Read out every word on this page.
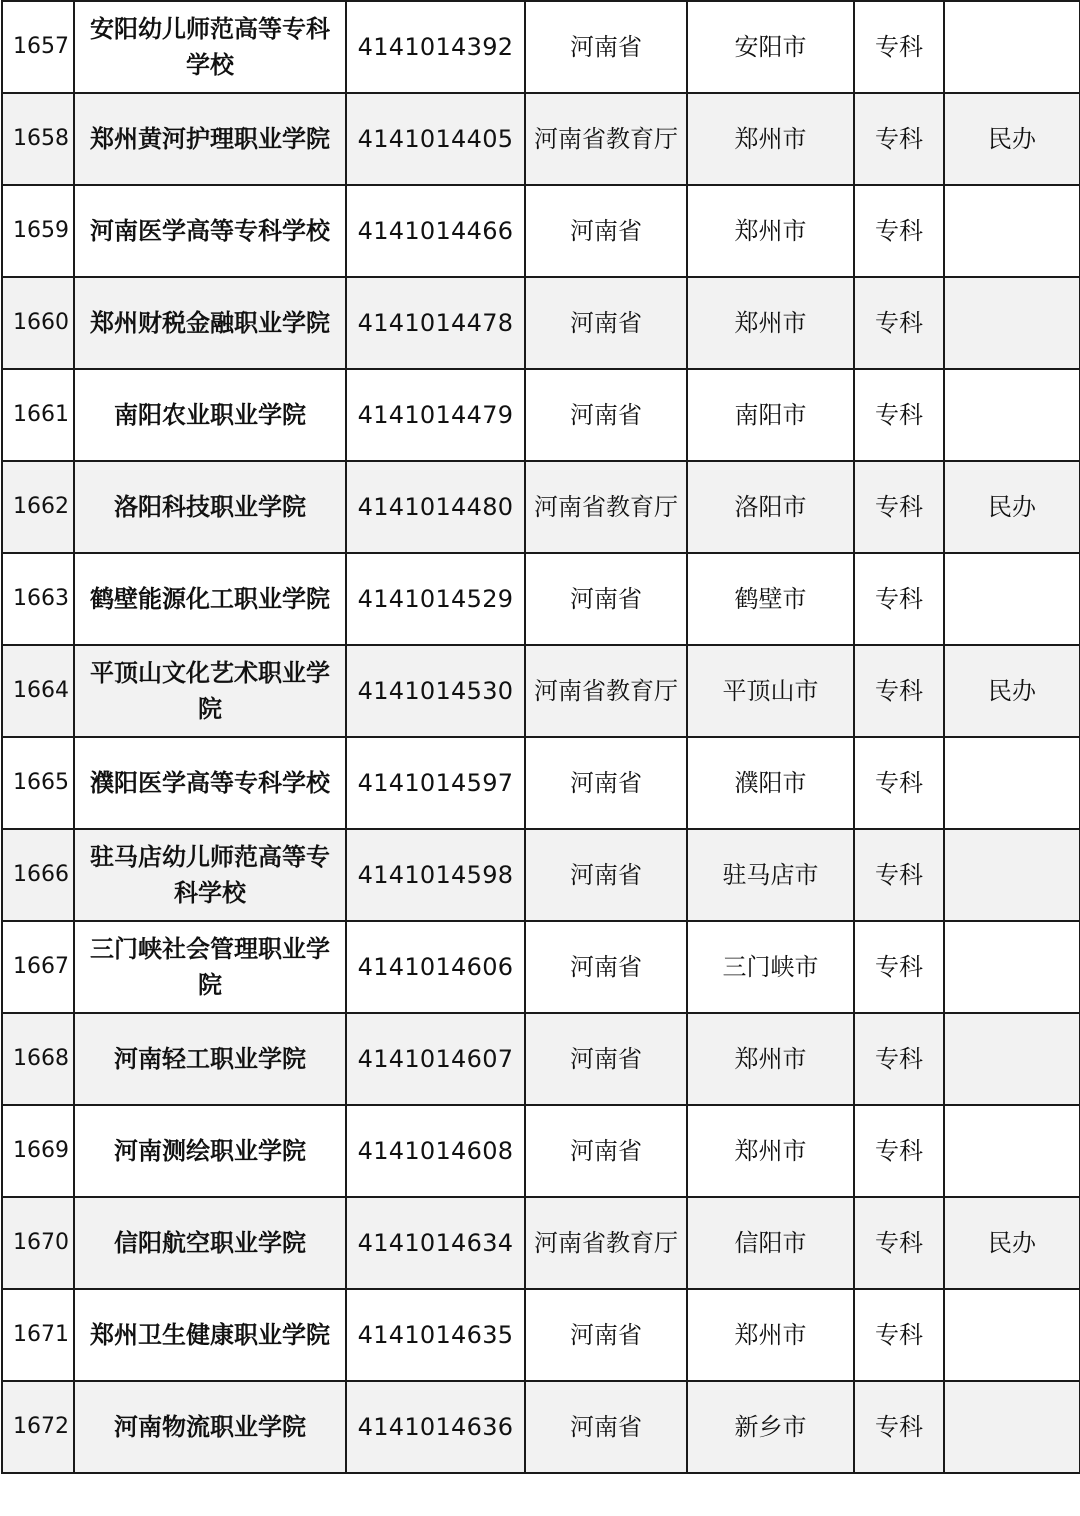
1657	安阳幼儿师范高等专科学校	4141014392	河南省	安阳市	专科	
1658	郑州黄河护理职业学院	4141014405	河南省教育厅	郑州市	专科	民办
1659	河南医学高等专科学校	4141014466	河南省	郑州市	专科	
1660	郑州财税金融职业学院	4141014478	河南省	郑州市	专科	
1661	南阳农业职业学院	4141014479	河南省	南阳市	专科	
1662	洛阳科技职业学院	4141014480	河南省教育厅	洛阳市	专科	民办
1663	鹤壁能源化工职业学院	4141014529	河南省	鹤壁市	专科	
1664	平顶山文化艺术职业学院	4141014530	河南省教育厅	平顶山市	专科	民办
1665	濮阳医学高等专科学校	4141014597	河南省	濮阳市	专科	
1666	驻马店幼儿师范高等专科学校	4141014598	河南省	驻马店市	专科	
1667	三门峡社会管理职业学院	4141014606	河南省	三门峡市	专科	
1668	河南轻工职业学院	4141014607	河南省	郑州市	专科	
1669	河南测绘职业学院	4141014608	河南省	郑州市	专科	
1670	信阳航空职业学院	4141014634	河南省教育厅	信阳市	专科	民办
1671	郑州卫生健康职业学院	4141014635	河南省	郑州市	专科	
1672	河南物流职业学院	4141014636	河南省	新乡市	专科	
